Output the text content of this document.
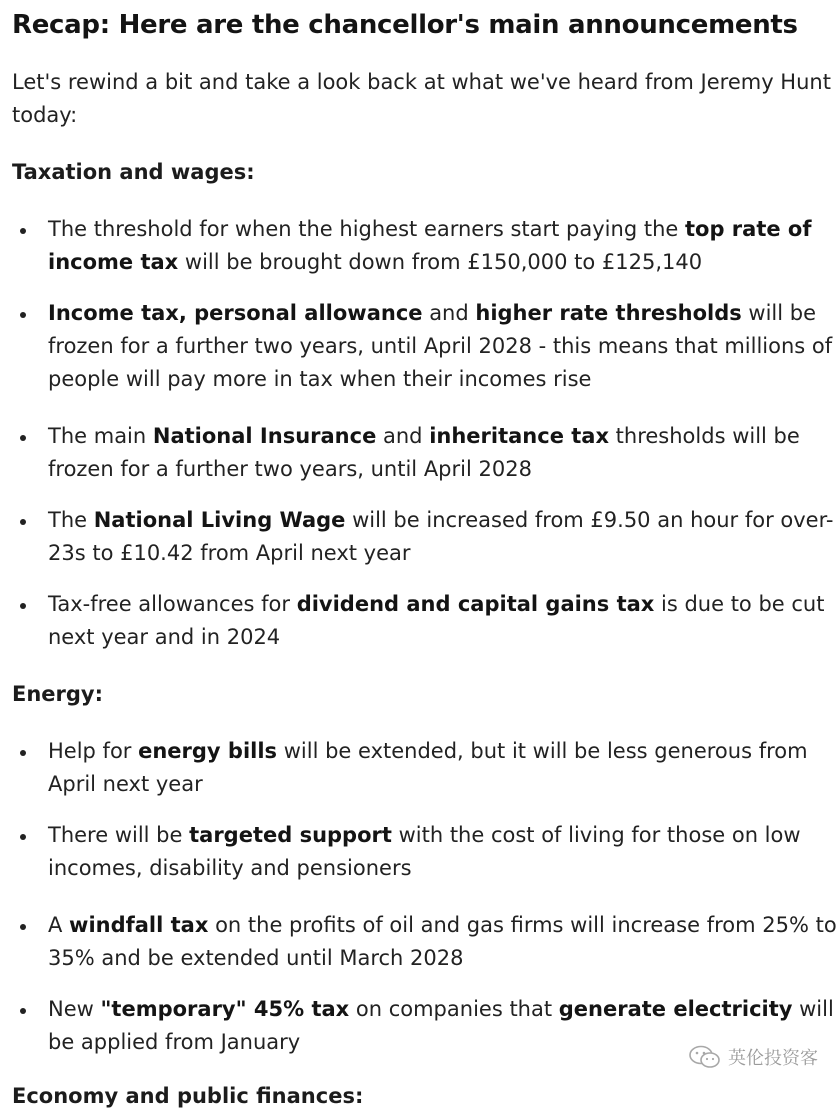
Recap: Here are the chancellor's main announcements

Let's rewind a bit and take a look back at what we've heard from Jeremy Hunt today:

Taxation and wages:
The threshold for when the highest earners start paying the top rate of income tax will be brought down from £150,000 to £125,140
Income tax, personal allowance and higher rate thresholds will be frozen for a further two years, until April 2028 - this means that millions of people will pay more in tax when their incomes rise
The main National Insurance and inheritance tax thresholds will be frozen for a further two years, until April 2028
The National Living Wage will be increased from £9.50 an hour for over-23s to £10.42 from April next year
Tax-free allowances for dividend and capital gains tax is due to be cut next year and in 2024
Energy:
Help for energy bills will be extended, but it will be less generous from April next year
There will be targeted support with the cost of living for those on low incomes, disability and pensioners
A windfall tax on the profits of oil and gas firms will increase from 25% to 35% and be extended until March 2028
New "temporary" 45% tax on companies that generate electricity will be applied from January
Economy and public finances:
英伦投资客
